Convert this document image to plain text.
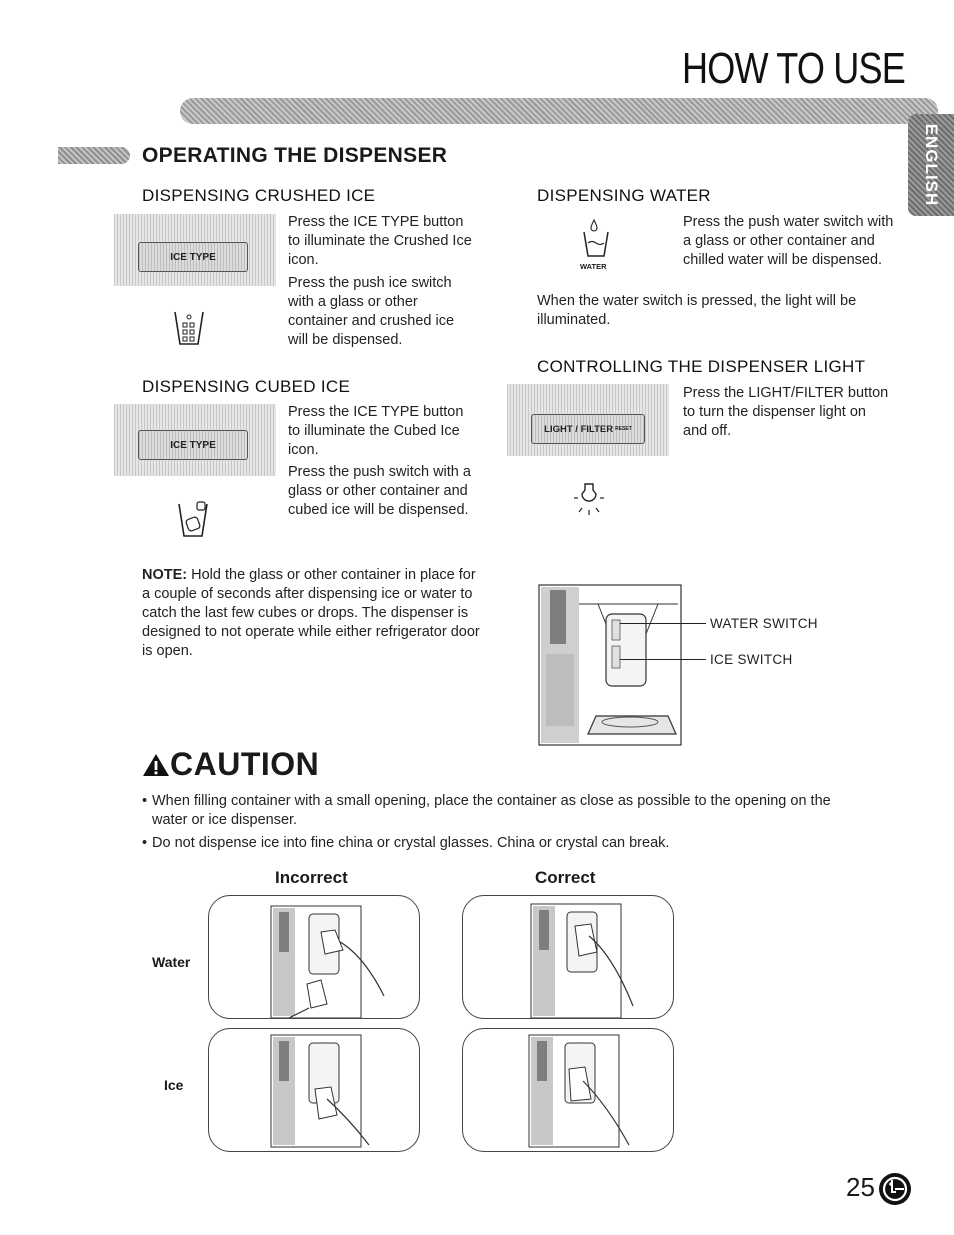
HOW TO USE
ENGLISH
OPERATING THE DISPENSER
DISPENSING CRUSHED ICE
ICE TYPE
Press the ICE TYPE button to illuminate the Crushed Ice icon.
Press the push ice switch with a glass or other container and crushed ice will be dispensed.
DISPENSING CUBED ICE
ICE TYPE
Press the ICE TYPE button to illuminate the Cubed Ice icon.
Press the push switch with a glass or other container and cubed ice will be dispensed.
DISPENSING WATER
WATER
Press the push water switch with a glass or other container and chilled water will be dispensed.
When the water switch is pressed, the light will be illuminated.
CONTROLLING THE DISPENSER LIGHT
LIGHT / FILTER RESET
Press the LIGHT/FILTER button to turn the dispenser light on and off.
NOTE: Hold the glass or other container in place for a couple of seconds after dispensing ice or water to catch the last few cubes or drops. The dispenser is designed to not operate while either refrigerator door is open.
WATER SWITCH
ICE SWITCH
CAUTION
• When filling container with a small opening, place the container as close as possible to the opening on the water or ice dispenser.
• Do not dispense ice into fine china or crystal glasses. China or crystal can break.
Incorrect	Correct
Water
Ice
25
